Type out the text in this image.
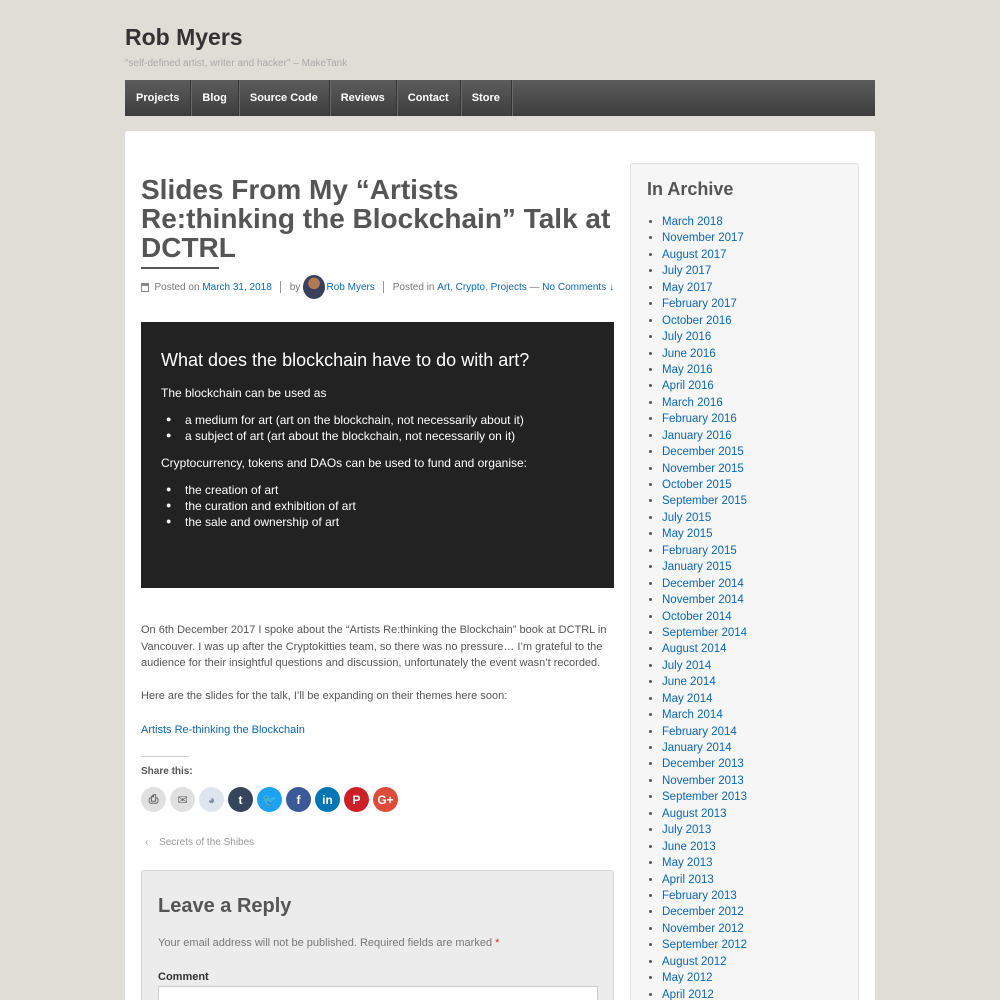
Rob Myers
"self-defined artist, writer and hacker" – MakeTank
Projects	Blog	Source Code	Reviews	Contact	Store
Slides From My “Artists Re:thinking the Blockchain” Talk at DCTRL
Posted on
March 31, 2018 by	Rob Myers Posted in
Art , Crypto , Projects
—
No Comments ↓
What does the blockchain have to do with art?
The blockchain can be used as
● a medium for art (art on the blockchain, not necessarily about it)
● a subject of art (art about the blockchain, not necessarily on it)
Cryptocurrency, tokens and DAOs can be used to fund and organise:
● the creation of art
● the curation and exhibition of art
● the sale and ownership of art

On 6th December 2017 I spoke about the “Artists Re:thinking the Blockchain” book at DCTRL in Vancouver. I was up after the Cryptokitties team, so there was no pressure… I’m grateful to the audience for their insightful questions and discussion, unfortunately the event wasn’t recorded.

Here are the slides for the talk, I’ll be expanding on their themes here soon:

Artists Re-thinking the Blockchain
Share this:
⎙ ✉ ◕ t 🐦 f in P G+
‹ Secrets of the Shibes
Leave a Reply
Your email address will not be published. Required fields are marked *
Comment
In Archive
• March 2018
• November 2017
• August 2017
• July 2017
• May 2017
• February 2017
• October 2016
• July 2016
• June 2016
• May 2016
• April 2016
• March 2016
• February 2016
• January 2016
• December 2015
• November 2015
• October 2015
• September 2015
• July 2015
• May 2015
• February 2015
• January 2015
• December 2014
• November 2014
• October 2014
• September 2014
• August 2014
• July 2014
• June 2014
• May 2014
• March 2014
• February 2014
• January 2014
• December 2013
• November 2013
• September 2013
• August 2013
• July 2013
• June 2013
• May 2013
• April 2013
• February 2013
• December 2012
• November 2012
• September 2012
• August 2012
• May 2012
• April 2012
